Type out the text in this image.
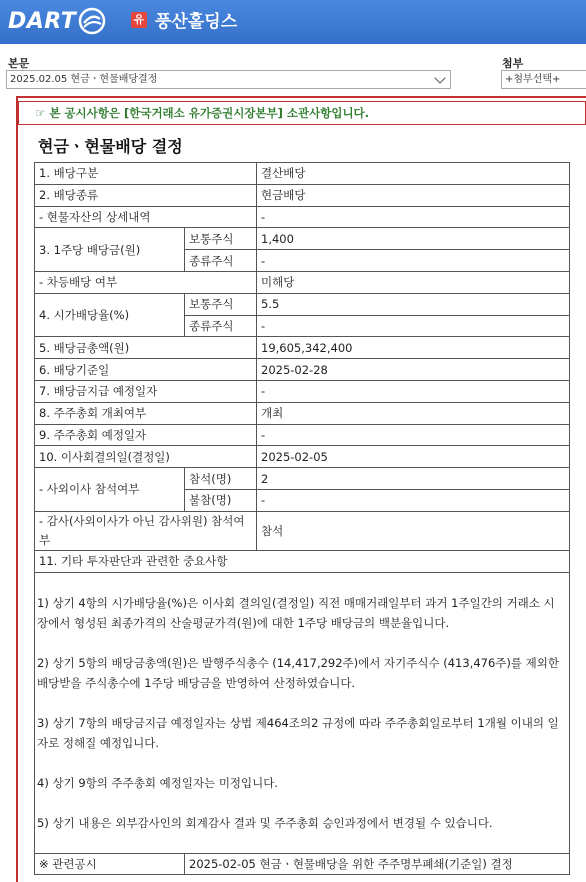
DART	유 풍산홀딩스
본문
2025.02.05 현금ㆍ현물배당결정
첨부
+첨부선택+
☞ 본 공시사항은 [한국거래소 유가증권시장본부] 소관사항입니다.
현금ㆍ현물배당 결정
1. 배당구분		결산배당
2. 배당종류		현금배당
- 현물자산의 상세내역		-
3. 1주당 배당금(원)	보통주식	1,400
	종류주식	-
- 차등배당 여부		미해당
4. 시가배당율(%)	보통주식	5.5
	종류주식	-
5. 배당금총액(원)		19,605,342,400
6. 배당기준일		2025-02-28
7. 배당금지급 예정일자		-
8. 주주총회 개최여부		개최
9. 주주총회 예정일자		-
10. 이사회결의일(결정일)		2025-02-05
- 사외이사 참석여부	참석(명)	2
	불참(명)	-
- 감사(사외이사가 아닌 감사위원) 참석여부		참석
11. 기타 투자판단과 관련한 중요사항		

1) 상기 4항의 시가배당율(%)은 이사회 결의일(결정일) 직전 매매거래일부터 과거 1주일간의 거래소 시장에서 형성된 최종가격의 산술평균가격(원)에 대한 1주당 배당금의 백분율입니다.
2) 상기 5항의 배당금총액(원)은 발행주식총수 (14,417,292주)에서 자기주식수 (413,476주)를 제외한 배당받을 주식총수에 1주당 배당금을 반영하여 산정하였습니다.
3) 상기 7항의 배당금지급 예정일자는 상법 제464조의2 규정에 따라 주주총회일로부터 1개월 이내의 일자로 정해질 예정입니다.
4) 상기 9항의 주주총회 예정일자는 미정입니다.
5) 상기 내용은 외부감사인의 회계감사 결과 및 주주총회 승인과정에서 변경될 수 있습니다.		

※ 관련공시	2025-02-05 현금ㆍ현물배당을 위한 주주명부폐쇄(기준일) 결정	
